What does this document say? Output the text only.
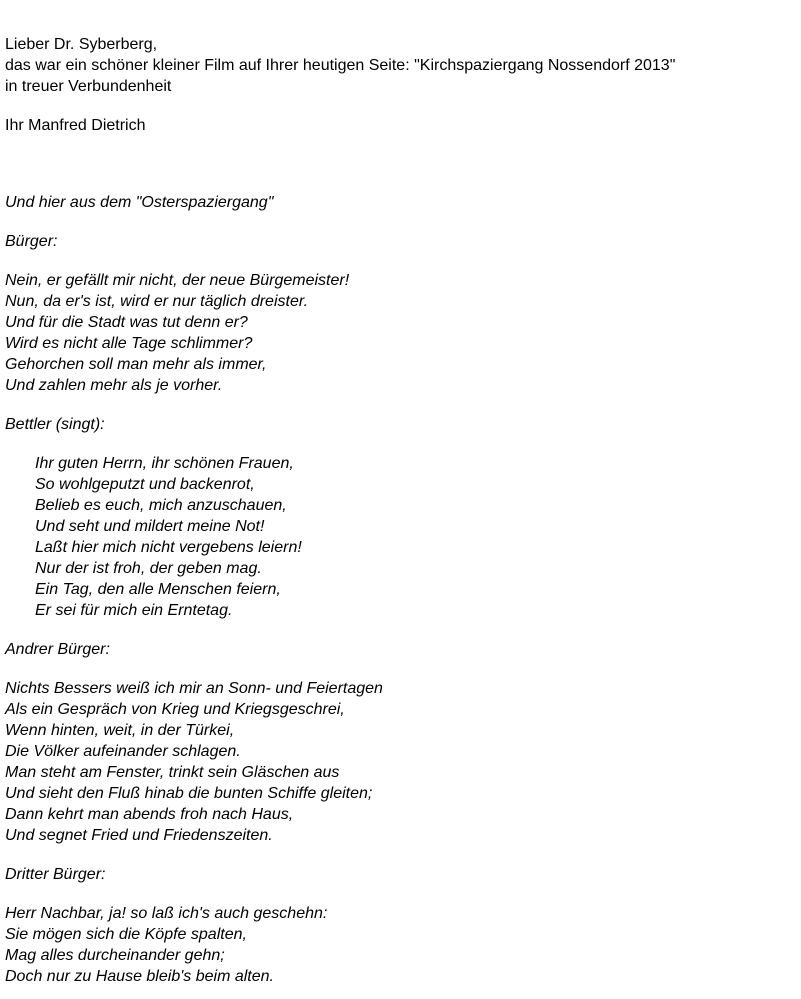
Lieber Dr. Syberberg,

das war ein schöner kleiner Film auf Ihrer heutigen Seite: "Kirchspaziergang Nossendorf 2013"

in treuer Verbundenheit

Ihr Manfred Dietrich

Und hier aus dem "Osterspaziergang"

Bürger:

Nein, er gefällt mir nicht, der neue Bürgemeister!

Nun, da er's ist, wird er nur täglich dreister.

Und für die Stadt was tut denn er?

Wird es nicht alle Tage schlimmer?

Gehorchen soll man mehr als immer,

Und zahlen mehr als je vorher.

Bettler (singt):

Ihr guten Herrn, ihr schönen Frauen,

So wohlgeputzt und backenrot,

Belieb es euch, mich anzuschauen,

Und seht und mildert meine Not!

Laßt hier mich nicht vergebens leiern!

Nur der ist froh, der geben mag.

Ein Tag, den alle Menschen feiern,

Er sei für mich ein Erntetag.

Andrer Bürger:

Nichts Bessers weiß ich mir an Sonn- und Feiertagen

Als ein Gespräch von Krieg und Kriegsgeschrei,

Wenn hinten, weit, in der Türkei,

Die Völker aufeinander schlagen.

Man steht am Fenster, trinkt sein Gläschen aus

Und sieht den Fluß hinab die bunten Schiffe gleiten;

Dann kehrt man abends froh nach Haus,

Und segnet Fried und Friedenszeiten.

Dritter Bürger:

Herr Nachbar, ja! so laß ich's auch geschehn:

Sie mögen sich die Köpfe spalten,

Mag alles durcheinander gehn;

Doch nur zu Hause bleib's beim alten.
